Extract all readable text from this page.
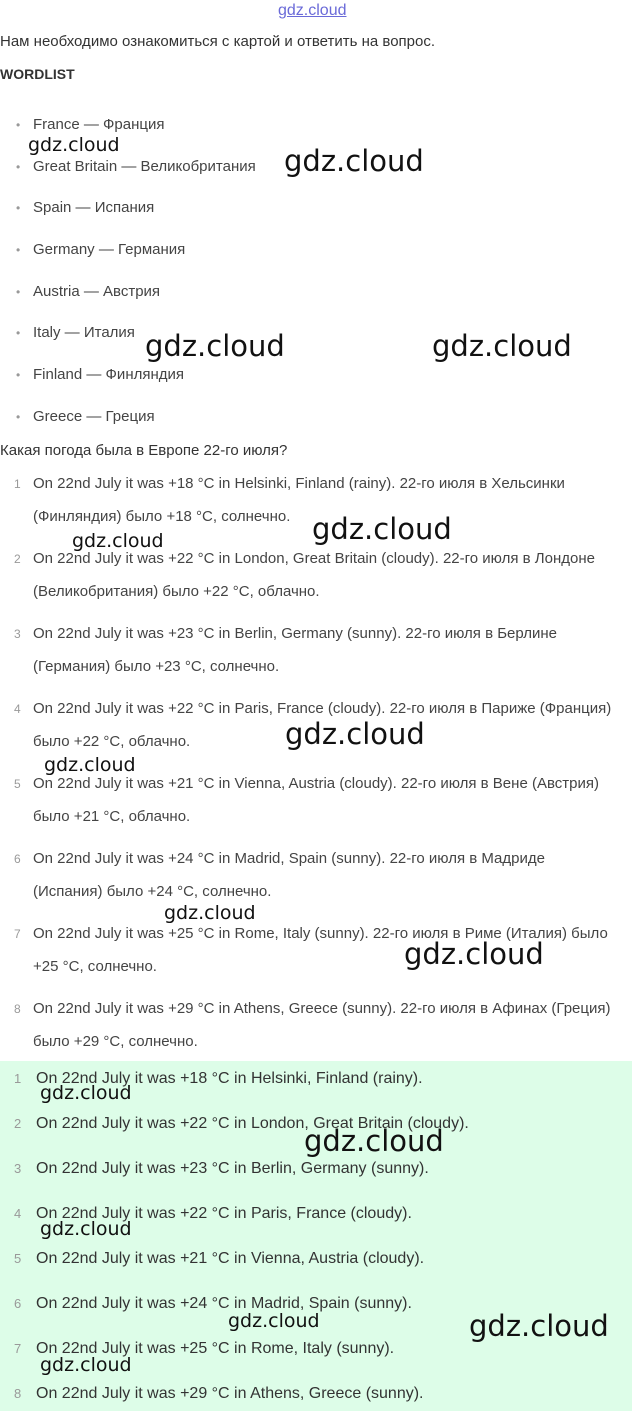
gdz.cloud
Нам необходимо ознакомиться с картой и ответить на вопрос.
WORDLIST
• France — Франция
• Great Britain — Великобритания
• Spain — Испания
• Germany — Германия
• Austria — Австрия
• Italy — Италия
• Finland — Финляндия
• Greece — Греция
Какая погода была в Европе 22-го июля?
1 On 22nd July it was +18 °C in Helsinki, Finland (rainy). 22-го июля в Хельсинки (Финляндия) было +18 °С, солнечно.
2 On 22nd July it was +22 °C in London, Great Britain (cloudy). 22-го июля в Лондоне (Великобритания) было +22 °С, облачно.
3 On 22nd July it was +23 °C in Berlin, Germany (sunny). 22-го июля в Берлине (Германия) было +23 °С, солнечно.
4 On 22nd July it was +22 °C in Paris, France (cloudy). 22-го июля в Париже (Франция) было +22 °С, облачно.
5 On 22nd July it was +21 °C in Vienna, Austria (cloudy). 22-го июля в Вене (Австрия) было +21 °С, облачно.
6 On 22nd July it was +24 °C in Madrid, Spain (sunny). 22-го июля в Мадриде (Испания) было +24 °С, солнечно.
7 On 22nd July it was +25 °C in Rome, Italy (sunny). 22-го июля в Риме (Италия) было +25 °С, солнечно.
8 On 22nd July it was +29 °C in Athens, Greece (sunny). 22-го июля в Афинах (Греция) было +29 °С, солнечно.
1 On 22nd July it was +18 °C in Helsinki, Finland (rainy).
2 On 22nd July it was +22 °C in London, Great Britain (cloudy).
3 On 22nd July it was +23 °C in Berlin, Germany (sunny).
4 On 22nd July it was +22 °C in Paris, France (cloudy).
5 On 22nd July it was +21 °C in Vienna, Austria (cloudy).
6 On 22nd July it was +24 °C in Madrid, Spain (sunny).
7 On 22nd July it was +25 °C in Rome, Italy (sunny).
8 On 22nd July it was +29 °C in Athens, Greece (sunny).
gdz.cloud	gdz.cloud
gdz.cloud	gdz.cloud
gdz.cloud
gdz.cloud
gdz.cloud
gdz.cloud
gdz.cloud
gdz.cloud
gdz.cloud
gdz.cloud
gdz.cloud
gdz.cloud	gdz.cloud
gdz.cloud
